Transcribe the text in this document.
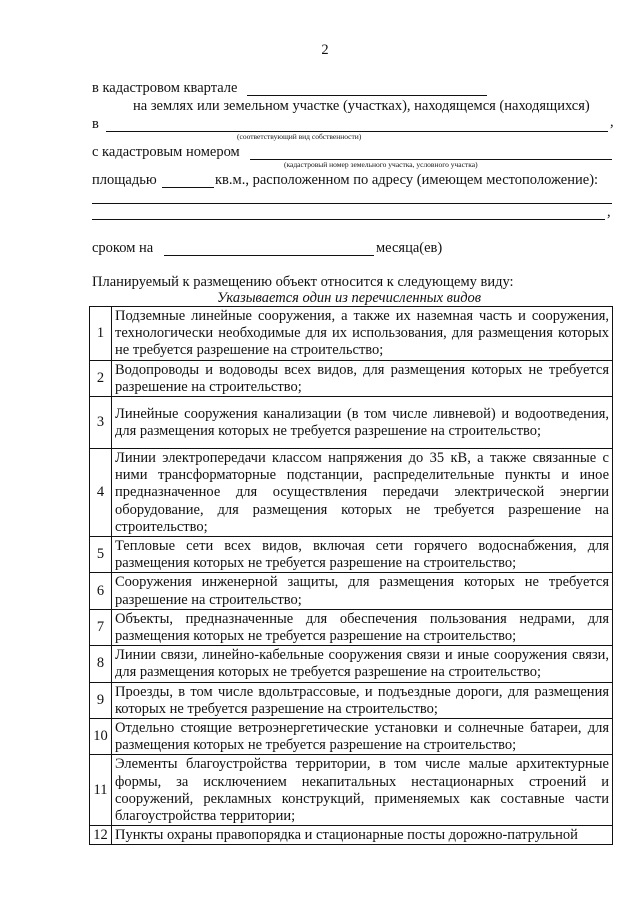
2
в кадастровом квартале
на землях или земельном участке (участках), находящемся (находящихся)
в	,
(соответствующий вид собственности)
с кадастровым номером
(кадастровый номер земельного участка, условного участка)
площадью	кв.м., расположенном по адресу (имеющем местоположение):
,
сроком на	месяца(ев)
Планируемый к размещению объект относится к следующему виду:
Указывается один из перечисленных видов
1	Подземные линейные сооружения, а также их наземная часть и сооружения, технологически необходимые для их использования, для размещения которых не требуется разрешение на строительство;
2	Водопроводы и водоводы всех видов, для размещения которых не требуется разрешение на строительство;
3	Линейные сооружения канализации (в том числе ливневой) и водоотведения, для размещения которых не требуется разрешение на строительство;
4	Линии электропередачи классом напряжения до 35 кВ, а также связанные с ними трансформаторные подстанции, распределительные пункты и иное предназначенное для осуществления передачи электрической энергии оборудование, для размещения которых не требуется разрешение на строительство;
5	Тепловые сети всех видов, включая сети горячего водоснабжения, для размещения которых не требуется разрешение на строительство;
6	Сооружения инженерной защиты, для размещения которых не требуется разрешение на строительство;
7	Объекты, предназначенные для обеспечения пользования недрами, для размещения которых не требуется разрешение на строительство;
8	Линии связи, линейно-кабельные сооружения связи и иные сооружения связи, для размещения которых не требуется разрешение на строительство;
9	Проезды, в том числе вдольтрассовые, и подъездные дороги, для размещения которых не требуется разрешение на строительство;
10	Отдельно стоящие ветроэнергетические установки и солнечные батареи, для размещения которых не требуется разрешение на строительство;
11	Элементы благоустройства территории, в том числе малые архитектурные формы, за исключением некапитальных нестационарных строений и сооружений, рекламных конструкций, применяемых как составные части благоустройства территории;
12	Пункты охраны правопорядка и стационарные посты дорожно-патрульной
